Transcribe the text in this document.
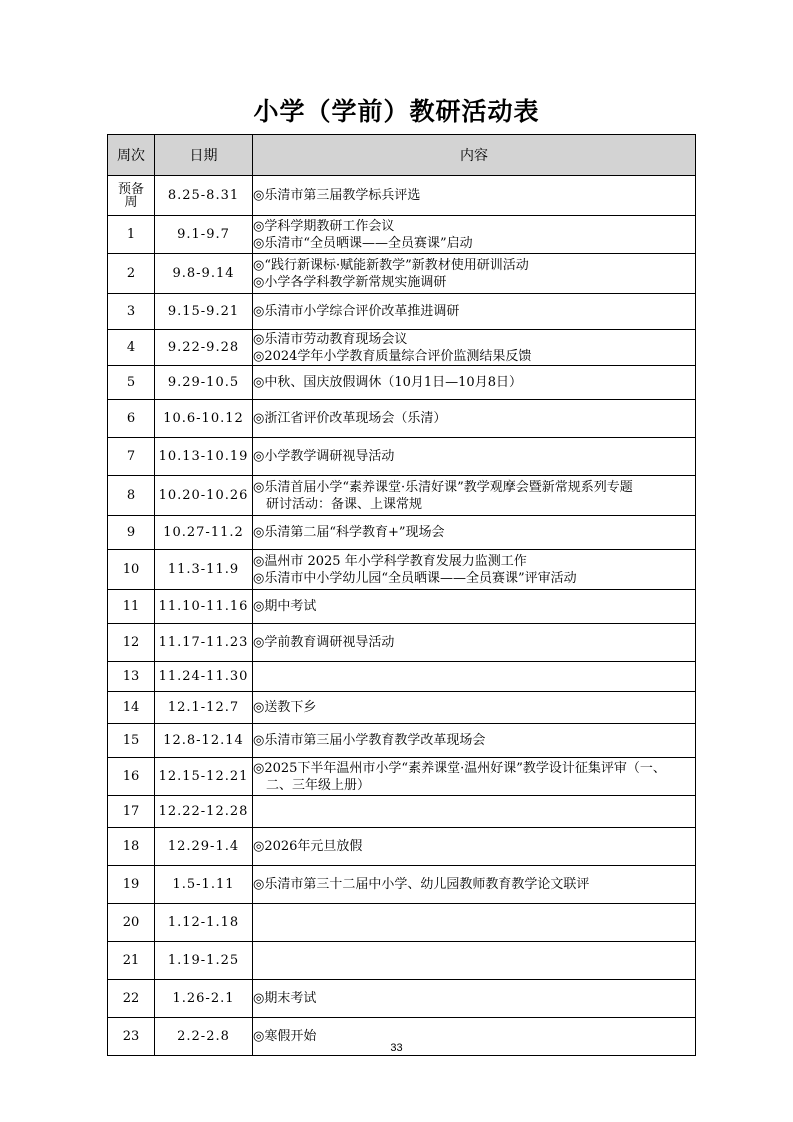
小学（学前）教研活动表
周次	日期	内容
预备周	8.25-8.31	◎乐清市第三届教学标兵评选

1	9.1-9.7	◎学科学期教研工作会议
◎乐清市“全员晒课——全员赛课”启动

2	9.8-9.14	◎“践行新课标·赋能新教学”新教材使用研训活动
◎小学各学科教学新常规实施调研

3	9.15-9.21	◎乐清市小学综合评价改革推进调研

4	9.22-9.28	◎乐清市劳动教育现场会议
◎2024学年小学教育质量综合评价监测结果反馈

5	9.29-10.5	◎中秋、国庆放假调休（10月1日—10月8日）

6	10.6-10.12	◎浙江省评价改革现场会（乐清）

7	10.13-10.19	◎小学教学调研视导活动

8	10.20-10.26	◎乐清首届小学“素养课堂·乐清好课”教学观摩会暨新常规系列专题
研讨活动：备课、上课常规

9	10.27-11.2	◎乐清第二届“科学教育+”现场会

10	11.3-11.9	◎温州市 2025 年小学科学教育发展力监测工作
◎乐清市中小学幼儿园“全员晒课——全员赛课”评审活动

11	11.10-11.16	◎期中考试

12	11.17-11.23	◎学前教育调研视导活动

13	11.24-11.30	
14	12.1-12.7	◎送教下乡

15	12.8-12.14	◎乐清市第三届小学教育教学改革现场会

16	12.15-12.21	◎2025下半年温州市小学“素养课堂·温州好课”教学设计征集评审（一、
二、三年级上册）

17	12.22-12.28	
18	12.29-1.4	◎2026年元旦放假

19	1.5-1.11	◎乐清市第三十二届中小学、幼儿园教师教育教学论文联评

20	1.12-1.18	
21	1.19-1.25	
22	1.26-2.1	◎期末考试

23	2.2-2.8	◎寒假开始
33
